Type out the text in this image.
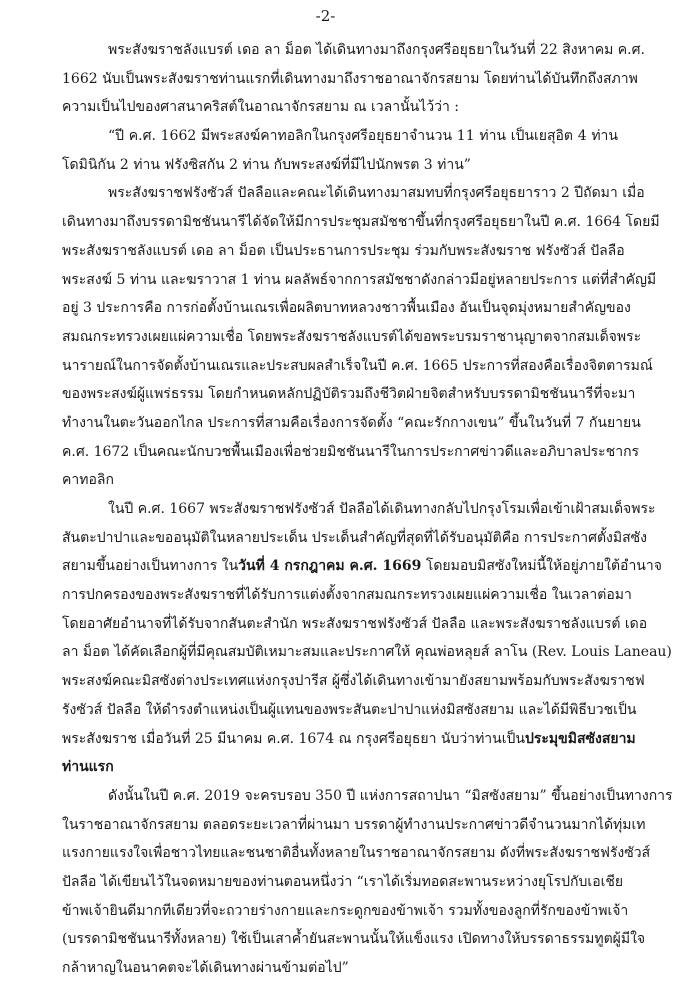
-2-
พระสังฆราชลังแบรต์ เดอ ลา ม็อต ได้เดินทางมาถึงกรุงศรีอยุธยาในวันที่ 22 สิงหาคม ค.ศ.
1662 นับเป็นพระสังฆราชท่านแรกที่เดินทางมาถึงราชอาณาจักรสยาม โดยท่านได้บันทึกถึงสภาพ
ความเป็นไปของศาสนาคริสต์ในอาณาจักรสยาม ณ เวลานั้นไว้ว่า :
“ปี ค.ศ. 1662 มีพระสงฆ์คาทอลิกในกรุงศรีอยุธยาจำนวน 11 ท่าน เป็นเยสุอิต 4 ท่าน
โดมินิกัน 2 ท่าน ฟรังซิสกัน 2 ท่าน กับพระสงฆ์ที่มีไปนักพรต 3 ท่าน”
พระสังฆราชฟรังซัวส์ ปัลลือและคณะได้เดินทางมาสมทบที่กรุงศรีอยุธยาราว 2 ปีถัดมา เมื่อ
เดินทางมาถึงบรรดามิชชันนารีได้จัดให้มีการประชุมสมัชชาขึ้นที่กรุงศรีอยุธยาในปี ค.ศ. 1664 โดยมี
พระสังฆราชลังแบรต์ เดอ ลา ม็อต เป็นประธานการประชุม ร่วมกับพระสังฆราช ฟรังซัวส์ ปัลลือ
พระสงฆ์ 5 ท่าน และฆราวาส 1 ท่าน ผลลัพธ์จากการสมัชชาดังกล่าวมีอยู่หลายประการ แต่ที่สำคัญมี
อยู่ 3 ประการคือ การก่อตั้งบ้านเณรเพื่อผลิตบาทหลวงชาวพื้นเมือง อันเป็นจุดมุ่งหมายสำคัญของ
สมณกระทรวงเผยแผ่ความเชื่อ โดยพระสังฆราชลังแบรต์ได้ขอพระบรมราชานุญาตจากสมเด็จพระ
นารายณ์ในการจัดตั้งบ้านเณรและประสบผลสำเร็จในปี ค.ศ. 1665 ประการที่สองคือเรื่องจิตตารมณ์
ของพระสงฆ์ผู้แพร่ธรรม โดยกำหนดหลักปฏิบัติรวมถึงชีวิตฝ่ายจิตสำหรับบรรดามิชชันนารีที่จะมา
ทำงานในตะวันออกไกล ประการที่สามคือเรื่องการจัดตั้ง “คณะรักกางเขน” ขึ้นในวันที่ 7 กันยายน
ค.ศ. 1672 เป็นคณะนักบวชพื้นเมืองเพื่อช่วยมิชชันนารีในการประกาศข่าวดีและอภิบาลประชากร
คาทอลิก
ในปี ค.ศ. 1667 พระสังฆราชฟรังซัวส์ ปัลลือได้เดินทางกลับไปกรุงโรมเพื่อเข้าเฝ้าสมเด็จพระ
สันตะปาปาและขออนุมัติในหลายประเด็น ประเด็นสำคัญที่สุดที่ได้รับอนุมัติคือ การประกาศตั้งมิสซัง
สยามขึ้นอย่างเป็นทางการ ในวันที่ 4 กรกฎาคม ค.ศ. 1669 โดยมอบมิสซังใหม่นี้ให้อยู่ภายใต้อำนาจ
การปกครองของพระสังฆราชที่ได้รับการแต่งตั้งจากสมณกระทรวงเผยแผ่ความเชื่อ ในเวลาต่อมา
โดยอาศัยอำนาจที่ได้รับจากสันตะสำนัก พระสังฆราชฟรังซัวส์ ปัลลือ และพระสังฆราชลังแบรต์ เดอ
ลา ม็อต ได้คัดเลือกผู้ที่มีคุณสมบัติเหมาะสมและประกาศให้ คุณพ่อหลุยส์ ลาโน (Rev. Louis Laneau)
พระสงฆ์คณะมิสซังต่างประเทศแห่งกรุงปารีส ผู้ซึ่งได้เดินทางเข้ามายังสยามพร้อมกับพระสังฆราชฟ
รังซัวส์ ปัลลือ ให้ดำรงตำแหน่งเป็นผู้แทนของพระสันตะปาปาแห่งมิสซังสยาม และได้มีพิธีบวชเป็น
พระสังฆราช เมื่อวันที่ 25 มีนาคม ค.ศ. 1674 ณ กรุงศรีอยุธยา นับว่าท่านเป็นประมุขมิสซังสยาม
ท่านแรก
ดังนั้นในปี ค.ศ. 2019 จะครบรอบ 350 ปี แห่งการสถาปนา “มิสซังสยาม” ขึ้นอย่างเป็นทางการ
ในราชอาณาจักรสยาม ตลอดระยะเวลาที่ผ่านมา บรรดาผู้ทำงานประกาศข่าวดีจำนวนมากได้ทุ่มเท
แรงกายแรงใจเพื่อชาวไทยและชนชาติอื่นทั้งหลายในราชอาณาจักรสยาม ดังที่พระสังฆราชฟรังซัวส์
ปัลลือ ได้เขียนไว้ในจดหมายของท่านตอนหนึ่งว่า “เราได้เริ่มทอดสะพานระหว่างยุโรปกับเอเชีย
ข้าพเจ้ายินดีมากทีเดียวที่จะถวายร่างกายและกระดูกของข้าพเจ้า รวมทั้งของลูกที่รักของข้าพเจ้า
(บรรดามิชชันนารีทั้งหลาย) ใช้เป็นเสาค้ำยันสะพานนั้นให้แข็งแรง เปิดทางให้บรรดาธรรมทูตผู้มีใจ
กล้าหาญในอนาคตจะได้เดินทางผ่านข้ามต่อไป”
